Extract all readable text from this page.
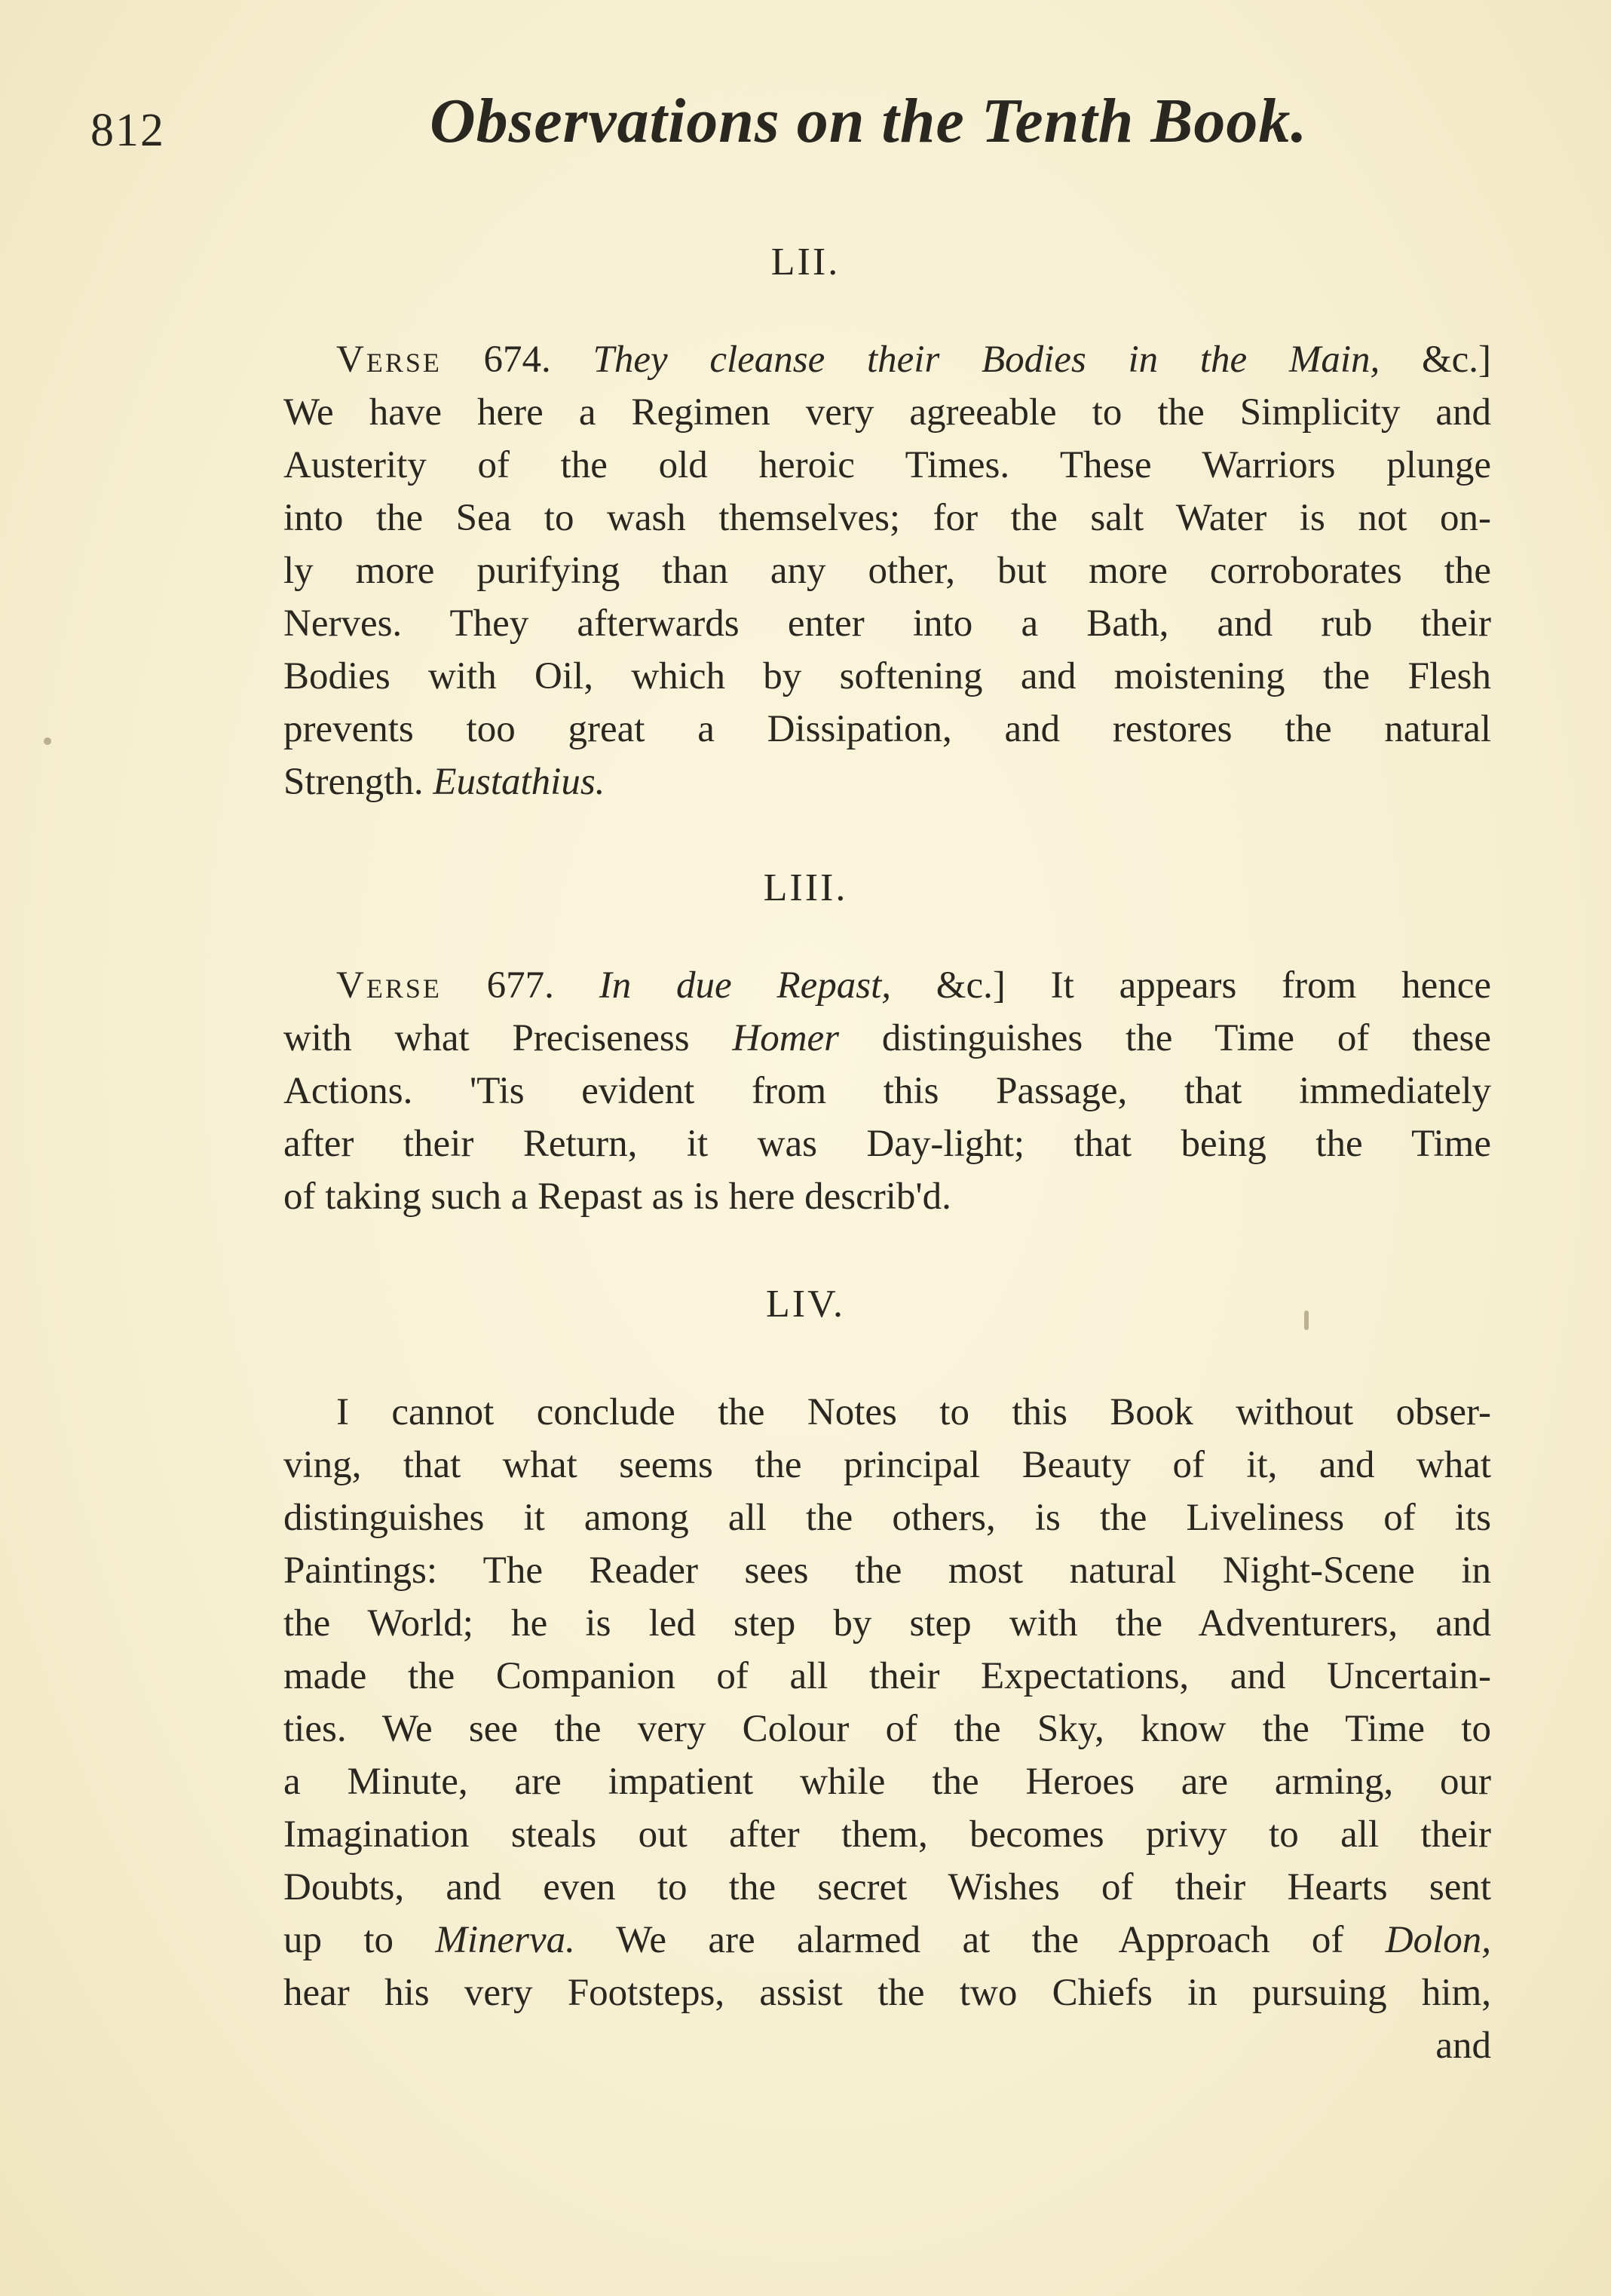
812	Observations on the Tenth Book.
LII.

Verse 674. They cleanse their Bodies in the Main, &c.]
We have here a Regimen very agreeable to the Simplicity and
Austerity of the old heroic Times. These Warriors plunge
into the Sea to wash themselves; for the salt Water is not on-
ly more purifying than any other, but more corroborates the
Nerves. They afterwards enter into a Bath, and rub their
Bodies with Oil, which by softening and moistening the Flesh
prevents too great a Dissipation, and restores the natural
Strength. Eustathius.

LIII.

Verse 677. In due Repast, &c.] It appears from hence
with what Preciseness Homer distinguishes the Time of these
Actions. 'Tis evident from this Passage, that immediately
after their Return, it was Day-light; that being the Time
of taking such a Repast as is here describ'd.

LIV.

I cannot conclude the Notes to this Book without obser-
ving, that what seems the principal Beauty of it, and what
distinguishes it among all the others, is the Liveliness of its
Paintings: The Reader sees the most natural Night-Scene in
the World; he is led step by step with the Adventurers, and
made the Companion of all their Expectations, and Uncertain-
ties. We see the very Colour of the Sky, know the Time to
a Minute, are impatient while the Heroes are arming, our
Imagination steals out after them, becomes privy to all their
Doubts, and even to the secret Wishes of their Hearts sent
up to Minerva. We are alarmed at the Approach of Dolon,
hear his very Footsteps, assist the two Chiefs in pursuing him,
and
